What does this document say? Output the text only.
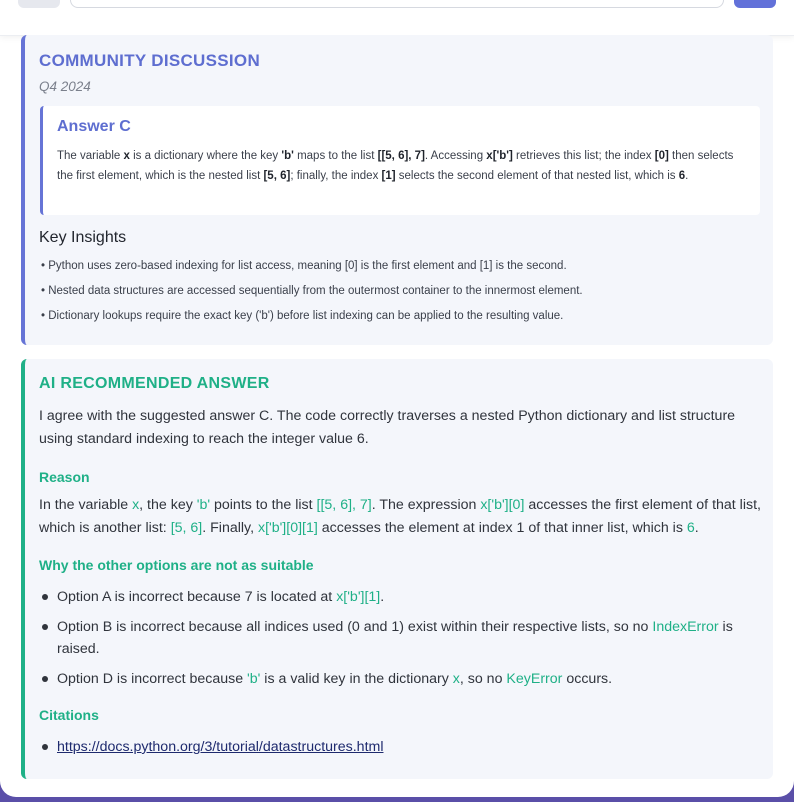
COMMUNITY DISCUSSION
Q4 2024
Answer C

The variable x is a dictionary where the key 'b' maps to the list [[5, 6], 7]. Accessing x['b'] retrieves this list; the index [0] then selects the first element, which is the nested list [5, 6]; finally, the index [1] selects the second element of that nested list, which is 6.

Key Insights
• Python uses zero-based indexing for list access, meaning [0] is the first element and [1] is the second.
• Nested data structures are accessed sequentially from the outermost container to the innermost element.
• Dictionary lookups require the exact key ('b') before list indexing can be applied to the resulting value.
AI RECOMMENDED ANSWER

I agree with the suggested answer C. The code correctly traverses a nested Python dictionary and list structure using standard indexing to reach the integer value 6.

Reason

In the variable x, the key 'b' points to the list [[5, 6], 7]. The expression x['b'][0] accesses the first element of that list, which is another list: [5, 6]. Finally, x['b'][0][1] accesses the element at index 1 of that inner list, which is 6.

Why the other options are not as suitable
Option A is incorrect because 7 is located at x['b'][1].
Option B is incorrect because all indices used (0 and 1) exist within their respective lists, so no IndexError is raised.
Option D is incorrect because 'b' is a valid key in the dictionary x, so no KeyError occurs.
Citations
https://docs.python.org/3/tutorial/datastructures.html
